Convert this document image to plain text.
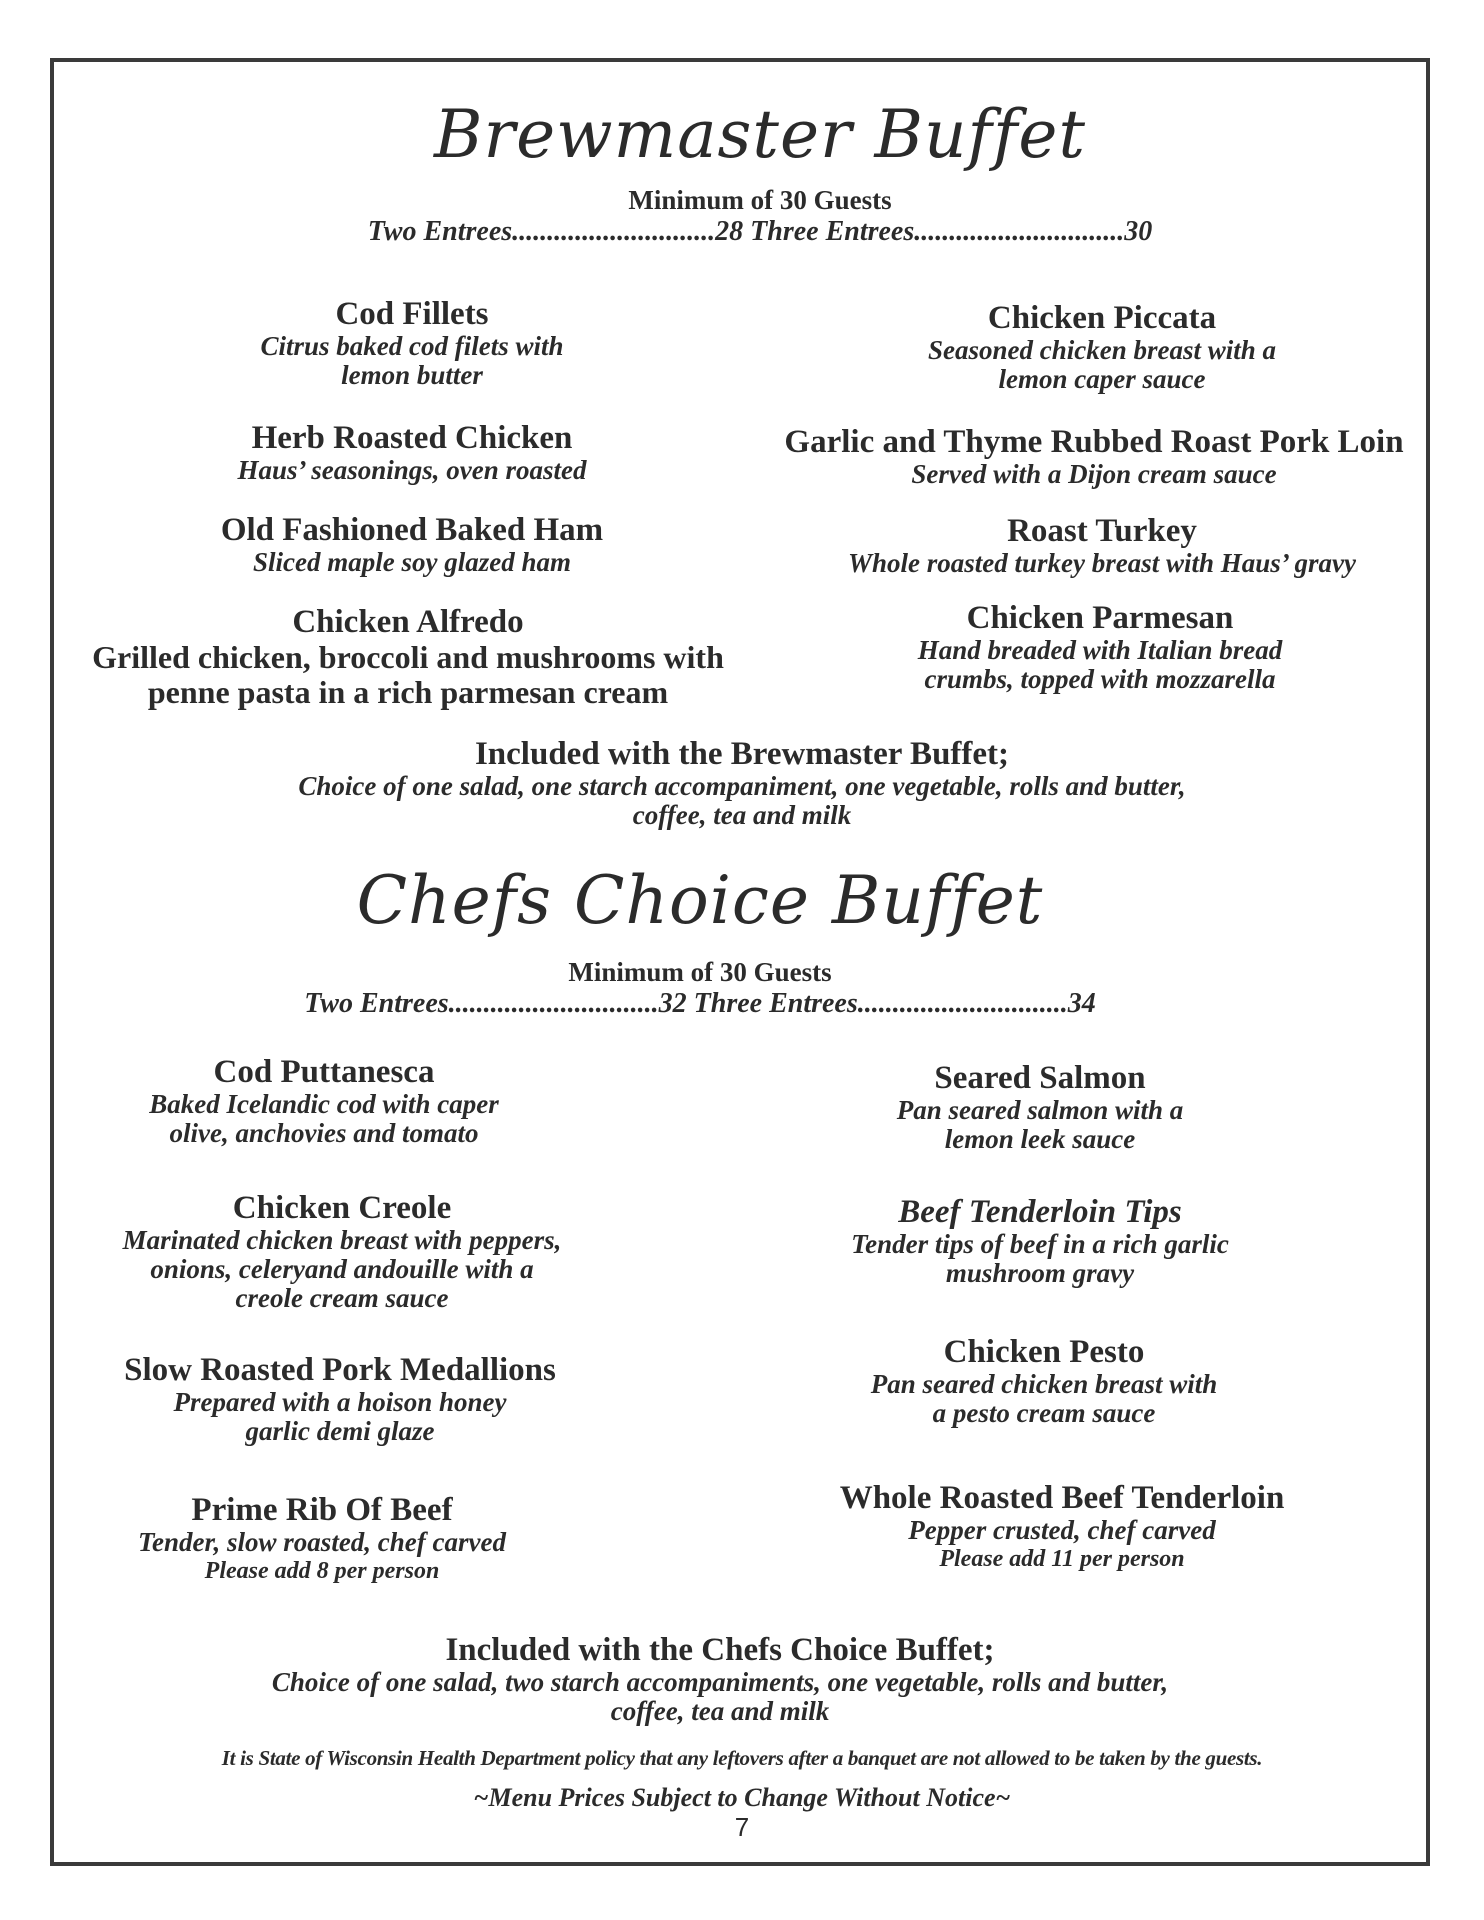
Brewmaster Buffet
Minimum of 30 Guests
Two Entrees.............................28 Three Entrees..............................30
Cod Fillets
Citrus baked cod filets with
lemon butter
Chicken Piccata
Seasoned chicken breast with a
lemon caper sauce
Herb Roasted Chicken
Haus’ seasonings, oven roasted
Garlic and Thyme Rubbed Roast Pork Loin
Served with a Dijon cream sauce
Old Fashioned Baked Ham
Sliced maple soy glazed ham
Roast Turkey
Whole roasted turkey breast with Haus’ gravy
Chicken Alfredo
Grilled chicken, broccoli and mushrooms with
penne pasta in a rich parmesan cream
Chicken Parmesan
Hand breaded with Italian bread
crumbs, topped with mozzarella
Included with the Brewmaster Buffet;
Choice of one salad, one starch accompaniment, one vegetable, rolls and butter,
coffee, tea and milk
Chefs Choice Buffet
Minimum of 30 Guests
Two Entrees..............................32 Three Entrees..............................34
Cod Puttanesca
Baked Icelandic cod with caper
olive, anchovies and tomato
Seared Salmon
Pan seared salmon with a
lemon leek sauce
Chicken Creole
Marinated chicken breast with peppers,
onions, celeryand andouille with a
creole cream sauce
Beef Tenderloin Tips
Tender tips of beef in a rich garlic
mushroom gravy
Slow Roasted Pork Medallions
Prepared with a hoison honey
garlic demi glaze
Chicken Pesto
Pan seared chicken breast with
a pesto cream sauce
Prime Rib Of Beef
Tender, slow roasted, chef carved
Please add 8 per person
Whole Roasted Beef Tenderloin
Pepper crusted, chef carved
Please add 11 per person
Included with the Chefs Choice Buffet;
Choice of one salad, two starch accompaniments, one vegetable, rolls and butter,
coffee, tea and milk
It is State of Wisconsin Health Department policy that any leftovers after a banquet are not allowed to be taken by the guests.
~Menu Prices Subject to Change Without Notice~
7
